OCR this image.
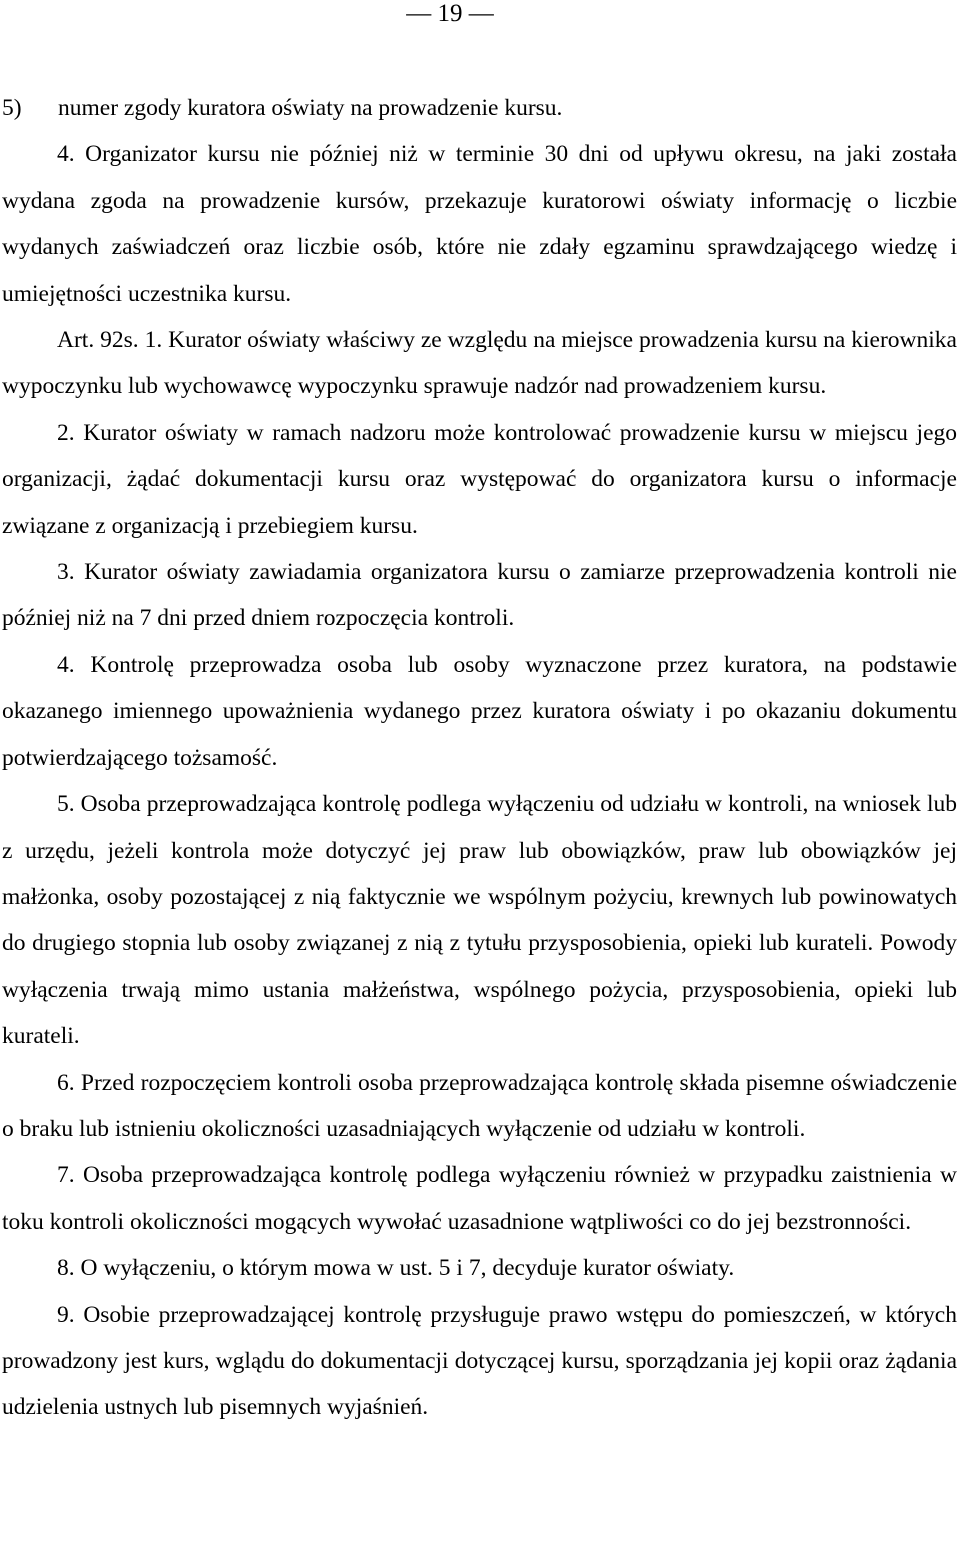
— 19 —

5) numer zgody kuratora oświaty na prowadzenie kursu.

4. Organizator kursu nie później niż w terminie 30 dni od upływu okresu, na jaki została wydana zgoda na prowadzenie kursów, przekazuje kuratorowi oświaty informację o liczbie wydanych zaświadczeń oraz liczbie osób, które nie zdały egzaminu sprawdzającego wiedzę i umiejętności uczestnika kursu.

Art. 92s. 1. Kurator oświaty właściwy ze względu na miejsce prowadzenia kursu na kierownika wypoczynku lub wychowawcę wypoczynku sprawuje nadzór nad prowadzeniem kursu.

2. Kurator oświaty w ramach nadzoru może kontrolować prowadzenie kursu w miejscu jego organizacji, żądać dokumentacji kursu oraz występować do organizatora kursu o informacje związane z organizacją i przebiegiem kursu.

3. Kurator oświaty zawiadamia organizatora kursu o zamiarze przeprowadzenia kontroli nie później niż na 7 dni przed dniem rozpoczęcia kontroli.

4. Kontrolę przeprowadza osoba lub osoby wyznaczone przez kuratora, na podstawie okazanego imiennego upoważnienia wydanego przez kuratora oświaty i po okazaniu dokumentu potwierdzającego tożsamość.

5. Osoba przeprowadzająca kontrolę podlega wyłączeniu od udziału w kontroli, na wniosek lub z urzędu, jeżeli kontrola może dotyczyć jej praw lub obowiązków, praw lub obowiązków jej małżonka, osoby pozostającej z nią faktycznie we wspólnym pożyciu, krewnych lub powinowatych do drugiego stopnia lub osoby związanej z nią z tytułu przysposobienia, opieki lub kurateli. Powody wyłączenia trwają mimo ustania małżeństwa, wspólnego pożycia, przysposobienia, opieki lub kurateli.

6. Przed rozpoczęciem kontroli osoba przeprowadzająca kontrolę składa pisemne oświadczenie o braku lub istnieniu okoliczności uzasadniających wyłączenie od udziału w kontroli.

7. Osoba przeprowadzająca kontrolę podlega wyłączeniu również w przypadku zaistnienia w toku kontroli okoliczności mogących wywołać uzasadnione wątpliwości co do jej bezstronności.

8. O wyłączeniu, o którym mowa w ust. 5 i 7, decyduje kurator oświaty.

9. Osobie przeprowadzającej kontrolę przysługuje prawo wstępu do pomieszczeń, w których prowadzony jest kurs, wglądu do dokumentacji dotyczącej kursu, sporządzania jej kopii oraz żądania udzielenia ustnych lub pisemnych wyjaśnień.
